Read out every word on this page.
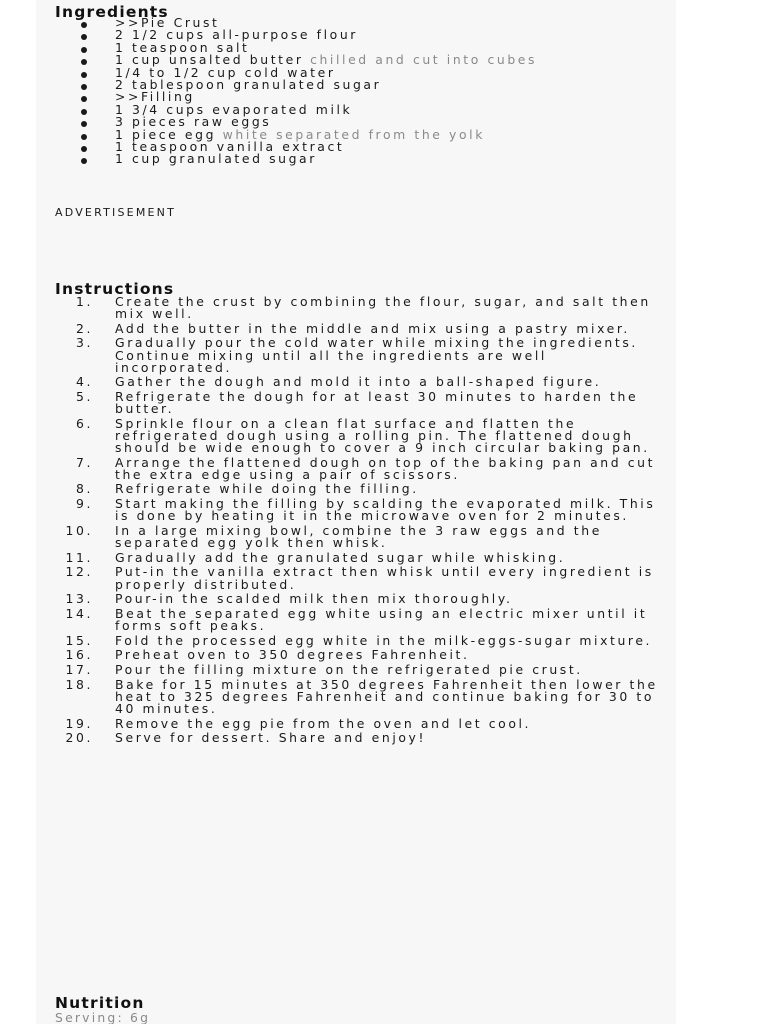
Ingredients
>>Pie Crust
2 1/2 cups all-purpose flour
1 teaspoon salt
1 cup unsalted butter chilled and cut into cubes
1/4 to 1/2 cup cold water
2 tablespoon granulated sugar
>>Filling
1 3/4 cups evaporated milk
3 pieces raw eggs
1 piece egg white separated from the yolk
1 teaspoon vanilla extract
1 cup granulated sugar
ADVERTISEMENT
Instructions
1. Create the crust by combining the flour, sugar, and salt then mix well.
2. Add the butter in the middle and mix using a pastry mixer.
3. Gradually pour the cold water while mixing the ingredients. Continue mixing until all the ingredients are well incorporated.
4. Gather the dough and mold it into a ball-shaped figure.
5. Refrigerate the dough for at least 30 minutes to harden the butter.
6. Sprinkle flour on a clean flat surface and flatten the refrigerated dough using a rolling pin. The flattened dough should be wide enough to cover a 9 inch circular baking pan.
7. Arrange the flattened dough on top of the baking pan and cut the extra edge using a pair of scissors.
8. Refrigerate while doing the filling.
9. Start making the filling by scalding the evaporated milk. This is done by heating it in the microwave oven for 2 minutes.
10. In a large mixing bowl, combine the 3 raw eggs and the separated egg yolk then whisk.
11. Gradually add the granulated sugar while whisking.
12. Put-in the vanilla extract then whisk until every ingredient is properly distributed.
13. Pour-in the scalded milk then mix thoroughly.
14. Beat the separated egg white using an electric mixer until it forms soft peaks.
15. Fold the processed egg white in the milk-eggs-sugar mixture.
16. Preheat oven to 350 degrees Fahrenheit.
17. Pour the filling mixture on the refrigerated pie crust.
18. Bake for 15 minutes at 350 degrees Fahrenheit then lower the heat to 325 degrees Fahrenheit and continue baking for 30 to 40 minutes.
19. Remove the egg pie from the oven and let cool.
20. Serve for dessert. Share and enjoy!
Nutrition
Serving: 6g
